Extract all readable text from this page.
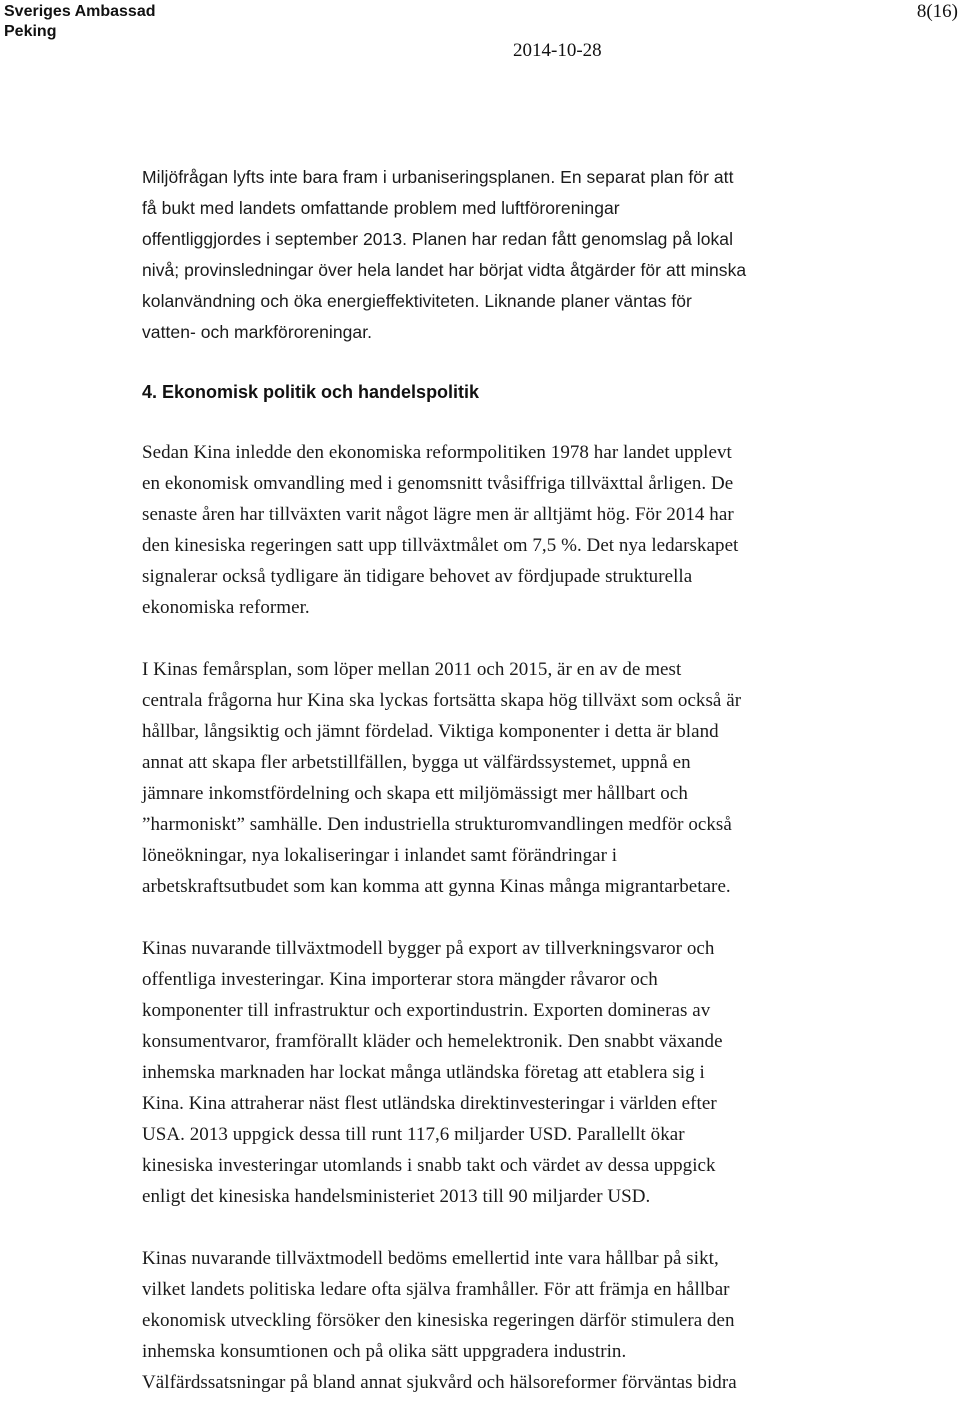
Sveriges Ambassad
Peking
2014-10-28
8(16)

Miljöfrågan lyfts inte bara fram i urbaniseringsplanen. En separat plan för att
få bukt med landets omfattande problem med luftföroreningar
offentliggjordes i september 2013. Planen har redan fått genomslag på lokal
nivå; provinsledningar över hela landet har börjat vidta åtgärder för att minska
kolanvändning och öka energieffektiviteten. Liknande planer väntas för
vatten- och markföroreningar.

4. Ekonomisk politik och handelspolitik

Sedan Kina inledde den ekonomiska reformpolitiken 1978 har landet upplevt
en ekonomisk omvandling med i genomsnitt tvåsiffriga tillväxttal årligen. De
senaste åren har tillväxten varit något lägre men är alltjämt hög. För 2014 har
den kinesiska regeringen satt upp tillväxtmålet om 7,5 %. Det nya ledarskapet
signalerar också tydligare än tidigare behovet av fördjupade strukturella
ekonomiska reformer.

I Kinas femårsplan, som löper mellan 2011 och 2015, är en av de mest
centrala frågorna hur Kina ska lyckas fortsätta skapa hög tillväxt som också är
hållbar, långsiktig och jämnt fördelad. Viktiga komponenter i detta är bland
annat att skapa fler arbetstillfällen, bygga ut välfärdssystemet, uppnå en
jämnare inkomstfördelning och skapa ett miljömässigt mer hållbart och
”harmoniskt” samhälle. Den industriella strukturomvandlingen medför också
löneökningar, nya lokaliseringar i inlandet samt förändringar i
arbetskraftsutbudet som kan komma att gynna Kinas många migrantarbetare.

Kinas nuvarande tillväxtmodell bygger på export av tillverkningsvaror och
offentliga investeringar. Kina importerar stora mängder råvaror och
komponenter till infrastruktur och exportindustrin. Exporten domineras av
konsumentvaror, framförallt kläder och hemelektronik. Den snabbt växande
inhemska marknaden har lockat många utländska företag att etablera sig i
Kina. Kina attraherar näst flest utländska direktinvesteringar i världen efter
USA. 2013 uppgick dessa till runt 117,6 miljarder USD. Parallellt ökar
kinesiska investeringar utomlands i snabb takt och värdet av dessa uppgick
enligt det kinesiska handelsministeriet 2013 till 90 miljarder USD.

Kinas nuvarande tillväxtmodell bedöms emellertid inte vara hållbar på sikt,
vilket landets politiska ledare ofta själva framhåller. För att främja en hållbar
ekonomisk utveckling försöker den kinesiska regeringen därför stimulera den
inhemska konsumtionen och på olika sätt uppgradera industrin.
Välfärdssatsningar på bland annat sjukvård och hälsoreformer förväntas bidra
